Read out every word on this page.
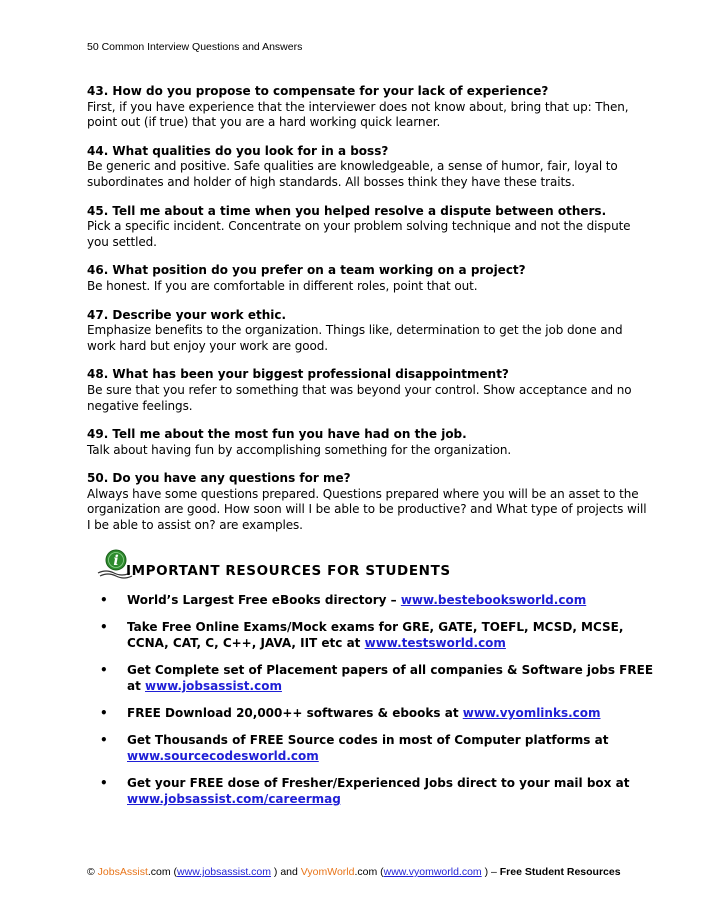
50 Common Interview Questions and Answers
43. How do you propose to compensate for your lack of experience?
First, if you have experience that the interviewer does not know about, bring that up: Then, point out (if true) that you are a hard working quick learner.
44. What qualities do you look for in a boss?
Be generic and positive. Safe qualities are knowledgeable, a sense of humor, fair, loyal to subordinates and holder of high standards. All bosses think they have these traits.
45. Tell me about a time when you helped resolve a dispute between others.
Pick a specific incident. Concentrate on your problem solving technique and not the dispute you settled.
46. What position do you prefer on a team working on a project?
Be honest. If you are comfortable in different roles, point that out.
47. Describe your work ethic.
Emphasize benefits to the organization. Things like, determination to get the job done and work hard but enjoy your work are good.
48. What has been your biggest professional disappointment?
Be sure that you refer to something that was beyond your control. Show acceptance and no negative feelings.
49. Tell me about the most fun you have had on the job.
Talk about having fun by accomplishing something for the organization.
50. Do you have any questions for me?
Always have some questions prepared. Questions prepared where you will be an asset to the organization are good. How soon will I be able to be productive? and What type of projects will I be able to assist on? are examples.
i
IMPORTANT RESOURCES FOR STUDENTS
• World’s Largest Free eBooks directory – www.bestebooksworld.com
• Take Free Online Exams/Mock exams for GRE, GATE, TOEFL, MCSD, MCSE, CCNA, CAT, C, C++, JAVA, IIT etc at www.testsworld.com
• Get Complete set of Placement papers of all companies & Software jobs FREE at www.jobsassist.com
• FREE Download 20,000++ softwares & ebooks at www.vyomlinks.com
• Get Thousands of FREE Source codes in most of Computer platforms at www.sourcecodesworld.com
• Get your FREE dose of Fresher/Experienced Jobs direct to your mail box at www.jobsassist.com/careermag
© JobsAssist.com (www.jobsassist.com ) and VyomWorld.com (www.vyomworld.com ) – Free Student Resources
